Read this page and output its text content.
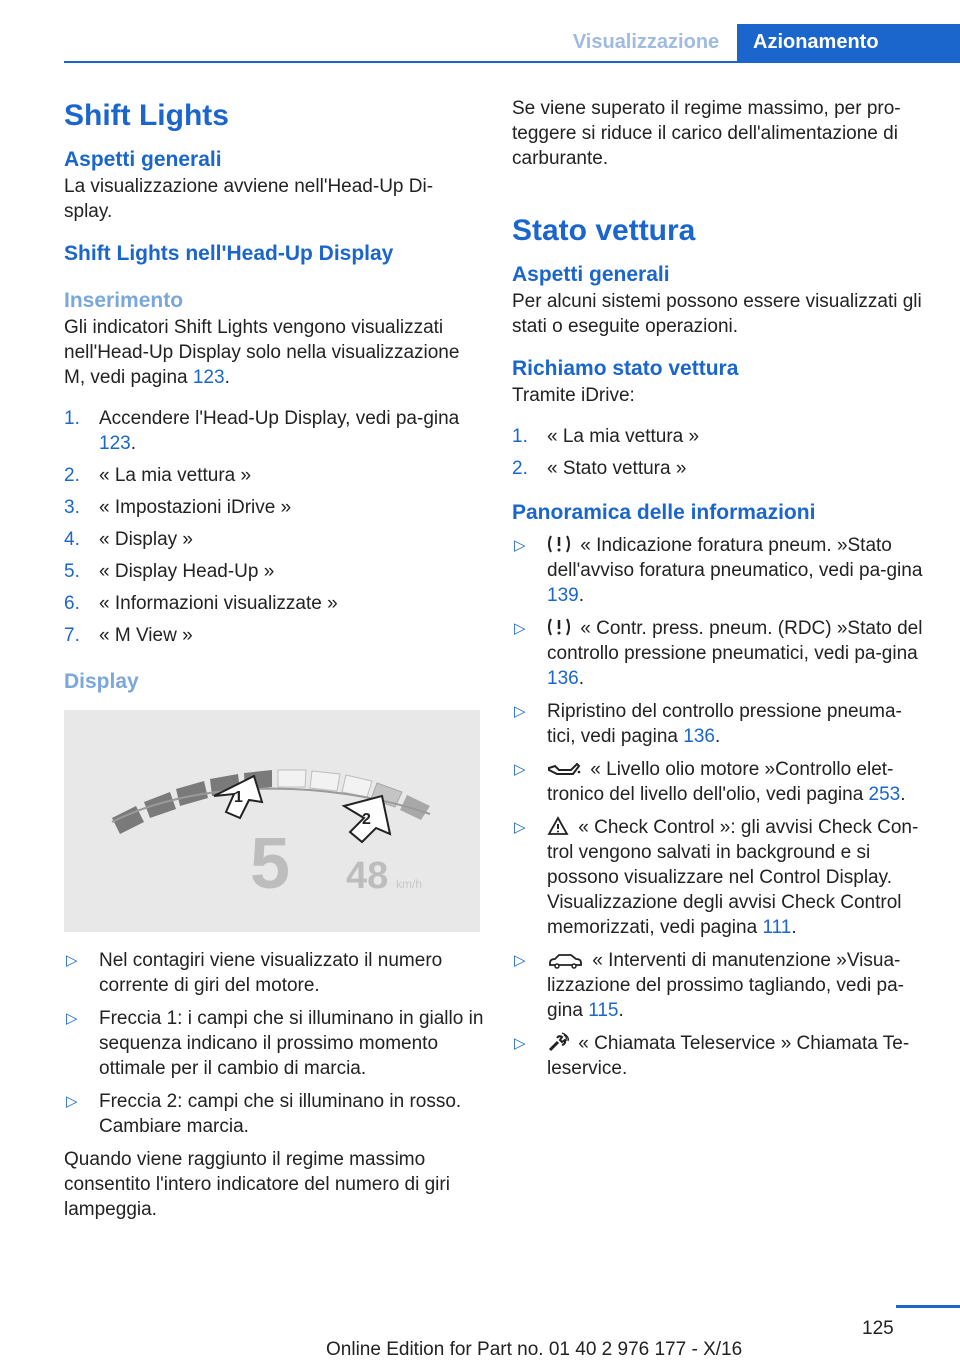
Visualizzazione	Azionamento
Shift Lights
Aspetti generali

La visualizzazione avviene nell'Head-Up Di-splay.

Shift Lights nell'Head-Up Display
Inserimento

Gli indicatori Shift Lights vengono visualizzati nell'Head-Up Display solo nella visualizzazione M, vedi pagina 123.

1. Accendere l'Head-Up Display, vedi pa-gina 123.
2. « La mia vettura »
3. « Impostazioni iDrive »
4. « Display »
5. « Display Head-Up »
6. « Informazioni visualizzate »
7. « M View »
Display
1
2
5 48 km/h
▷ Nel contagiri viene visualizzato il numero corrente di giri del motore.
▷ Freccia 1: i campi che si illuminano in giallo in sequenza indicano il prossimo momento ottimale per il cambio di marcia.
▷ Freccia 2: campi che si illuminano in rosso. Cambiare marcia.

Quando viene raggiunto il regime massimo consentito l'intero indicatore del numero di giri lampeggia.

Se viene superato il regime massimo, per pro-teggere si riduce il carico dell'alimentazione di carburante.

Stato vettura
Aspetti generali

Per alcuni sistemi possono essere visualizzati gli stati o eseguite operazioni.

Richiamo stato vettura

Tramite iDrive:

1. « La mia vettura »
2. « Stato vettura »
Panoramica delle informazioni
▷	« Indicazione foratura pneum. »Stato dell'avviso foratura pneumatico, vedi pa-gina 139.
▷	« Contr. press. pneum. (RDC) »Stato del controllo pressione pneumatici, vedi pa-gina 136.
▷ Ripristino del controllo pressione pneuma-tici, vedi pagina 136.
▷	« Livello olio motore »Controllo elet-tronico del livello dell'olio, vedi pagina 253.
▷	« Check Control »: gli avvisi Check Con-trol vengono salvati in background e si possono visualizzare nel Control Display. Visualizzazione degli avvisi Check Control memorizzati, vedi pagina 111.
▷	« Interventi di manutenzione »Visua-lizzazione del prossimo tagliando, vedi pa-gina 115.
▷	« Chiamata Teleservice » Chiamata Te-leservice.
125
Online Edition for Part no. 01 40 2 976 177 - X/16
